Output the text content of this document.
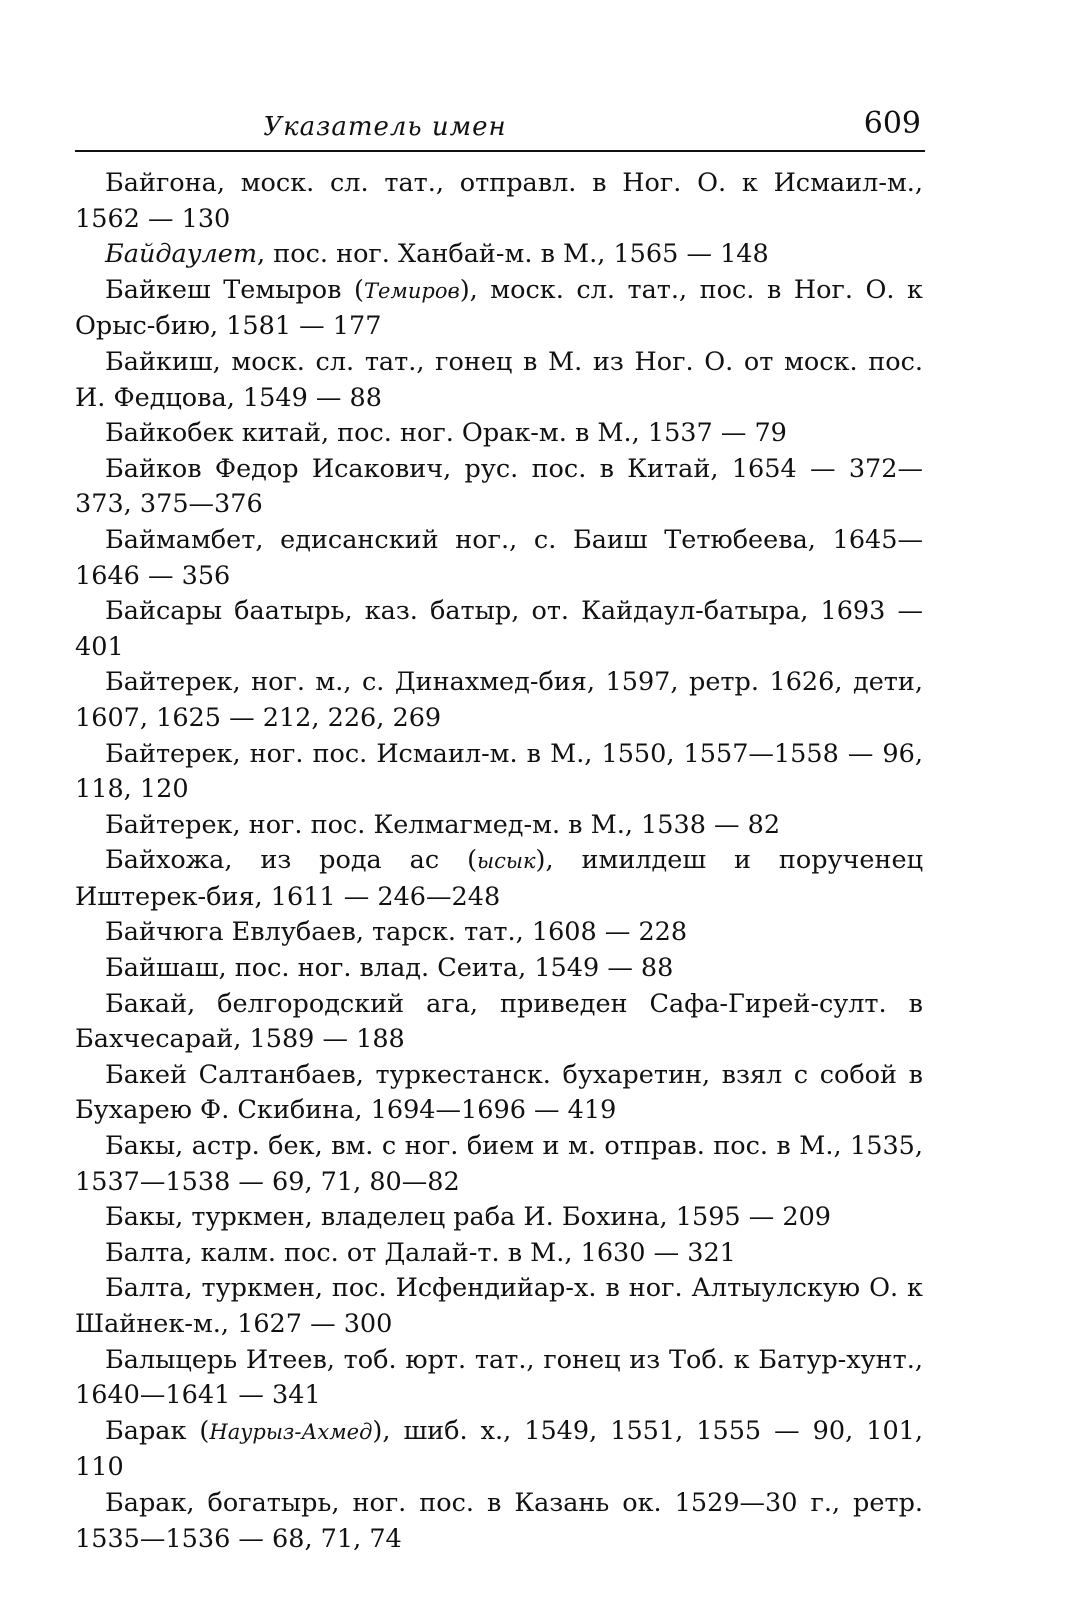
Указатель имен	609

Байгона, моск. сл. тат., отправл. в Ног. О. к Исмаил-м., 1562 — 130

Байдаулет, пос. ног. Ханбай-м. в М., 1565 — 148

Байкеш Темыров (Темиров), моск. сл. тат., пос. в Ног. О. к Орыс-бию, 1581 — 177

Байкиш, моск. сл. тат., гонец в М. из Ног. О. от моск. пос. И. Федцова, 1549 — 88

Байкобек китай, пос. ног. Орак-м. в М., 1537 — 79

Байков Федор Исакович, рус. пос. в Китай, 1654 — 372—373, 375—376

Баймамбет, едисанский ног., с. Баиш Тетюбеева, 1645—1646 — 356

Байсары баатырь, каз. батыр, от. Кайдаул-батыра, 1693 — 401

Байтерек, ног. м., с. Динахмед-бия, 1597, ретр. 1626, дети, 1607, 1625 — 212, 226, 269

Байтерек, ног. пос. Исмаил-м. в М., 1550, 1557—1558 — 96, 118, 120

Байтерек, ног. пос. Келмагмед-м. в М., 1538 — 82

Байхожа, из рода ас (ысык), имилдеш и порученец Иштерек-бия, 1611 — 246—248

Байчюга Евлубаев, тарск. тат., 1608 — 228

Байшаш, пос. ног. влад. Сеита, 1549 — 88

Бакай, белгородский ага, приведен Сафа-Гирей-султ. в Бахчесарай, 1589 — 188

Бакей Салтанбаев, туркестанск. бухаретин, взял с собой в Бухарею Ф. Скибина, 1694—1696 — 419

Бакы, астр. бек, вм. с ног. бием и м. отправ. пос. в М., 1535, 1537—1538 — 69, 71, 80—82

Бакы, туркмен, владелец раба И. Бохина, 1595 — 209

Балта, калм. пос. от Далай-т. в М., 1630 — 321

Балта, туркмен, пос. Исфендийар-х. в ног. Алтыулскую О. к Шайнек-м., 1627 — 300

Балыцерь Итеев, тоб. юрт. тат., гонец из Тоб. к Батур-хунт., 1640—1641 — 341

Барак (Наурыз-Ахмед), шиб. х., 1549, 1551, 1555 — 90, 101, 110

Барак, богатырь, ног. пос. в Казань ок. 1529—30 г., ретр. 1535—1536 — 68, 71, 74
